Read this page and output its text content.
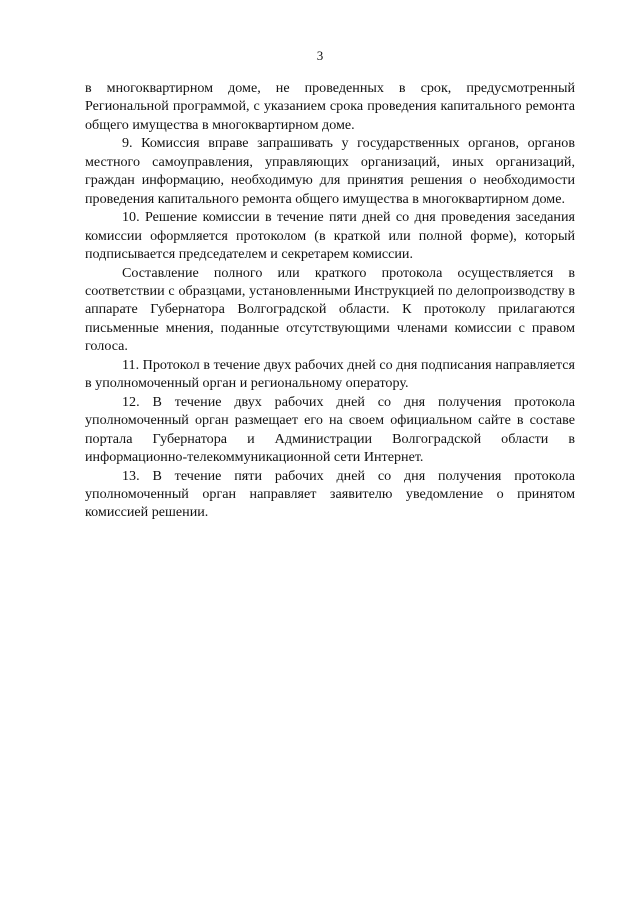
3

в многоквартирном доме, не проведенных в срок, предусмотренный Региональной программой, с указанием срока проведения капитального ремонта общего имущества в многоквартирном доме.

9. Комиссия вправе запрашивать у государственных органов, органов местного самоуправления, управляющих организаций, иных организаций, граждан информацию, необходимую для принятия решения о необходимости проведения капитального ремонта общего имущества в многоквартирном доме.

10. Решение комиссии в течение пяти дней со дня проведения заседания комиссии оформляется протоколом (в краткой или полной форме), который подписывается председателем и секретарем комиссии.

Составление полного или краткого протокола осуществляется в соответствии с образцами, установленными Инструкцией по делопроизводству в аппарате Губернатора Волгоградской области. К протоколу прилагаются письменные мнения, поданные отсутствующими членами комиссии с правом голоса.

11. Протокол в течение двух рабочих дней со дня подписания направляется в уполномоченный орган и региональному оператору.

12. В течение двух рабочих дней со дня получения протокола уполномоченный орган размещает его на своем официальном сайте в составе портала Губернатора и Администрации Волгоградской области в информационно-телекоммуникационной сети Интернет.

13. В течение пяти рабочих дней со дня получения протокола уполномоченный орган направляет заявителю уведомление о принятом комиссией решении.
